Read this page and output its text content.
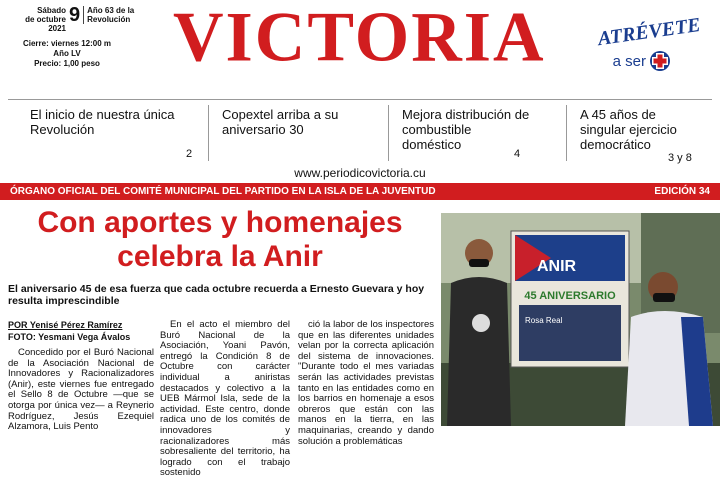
Sábado
de octubre 2021
9 Año 63 de la
Revolución
Cierre: viernes 12:00 m
Año LV
Precio: 1,00 peso VICTORIA	ATRÉVETE
a ser
El inicio de nuestra única Revolución
2
Copextel arriba a su aniversario 30
Mejora distribución de combustible doméstico
4
A 45 años de singular ejercicio democrático
3 y 8
www.periodicovictoria.cu
ÓRGANO OFICIAL DEL COMITÉ MUNICIPAL DEL PARTIDO EN LA ISLA DE LA JUVENTUD	EDICIÓN 34
Con aportes y homenajes celebra la Anir
El aniversario 45 de esa fuerza que cada octubre recuerda a Ernesto Guevara y hoy resulta imprescindible
POR Yenisé Pérez Ramírez
FOTO: Yesmani Vega Ávalos

Concedido por el Buró Nacional de la Asociación Nacional de Innovadores y Racionalizadores (Anir), este viernes fue entregado el Sello 8 de Octubre —que se otorga por única vez— a Reynerio Rodríguez, Jesús Ezequiel Alzamora, Luis Pento

En el acto el miembro del Buró Nacional de la Asociación, Yoani Pavón, entregó la Condición 8 de Octubre con carácter individual a aniristas destacados y colectivo a la UEB Mármol Isla, sede de la actividad. Este centro, donde radica uno de los comités de innovadores y racionalizadores más sobresaliente del territorio, ha logrado con el trabajo sostenido

ció la labor de los inspectores que en las diferentes unidades velan por la correcta aplicación del sistema de innovaciones. "Durante todo el mes variadas serán las actividades previstas tanto en las entidades como en los barrios en homenaje a esos obreros que están con las manos en la tierra, en las maquinarias, creando y dando solución a problemáticas

ANIR
45 ANIVERSARIO
Rosa Real
